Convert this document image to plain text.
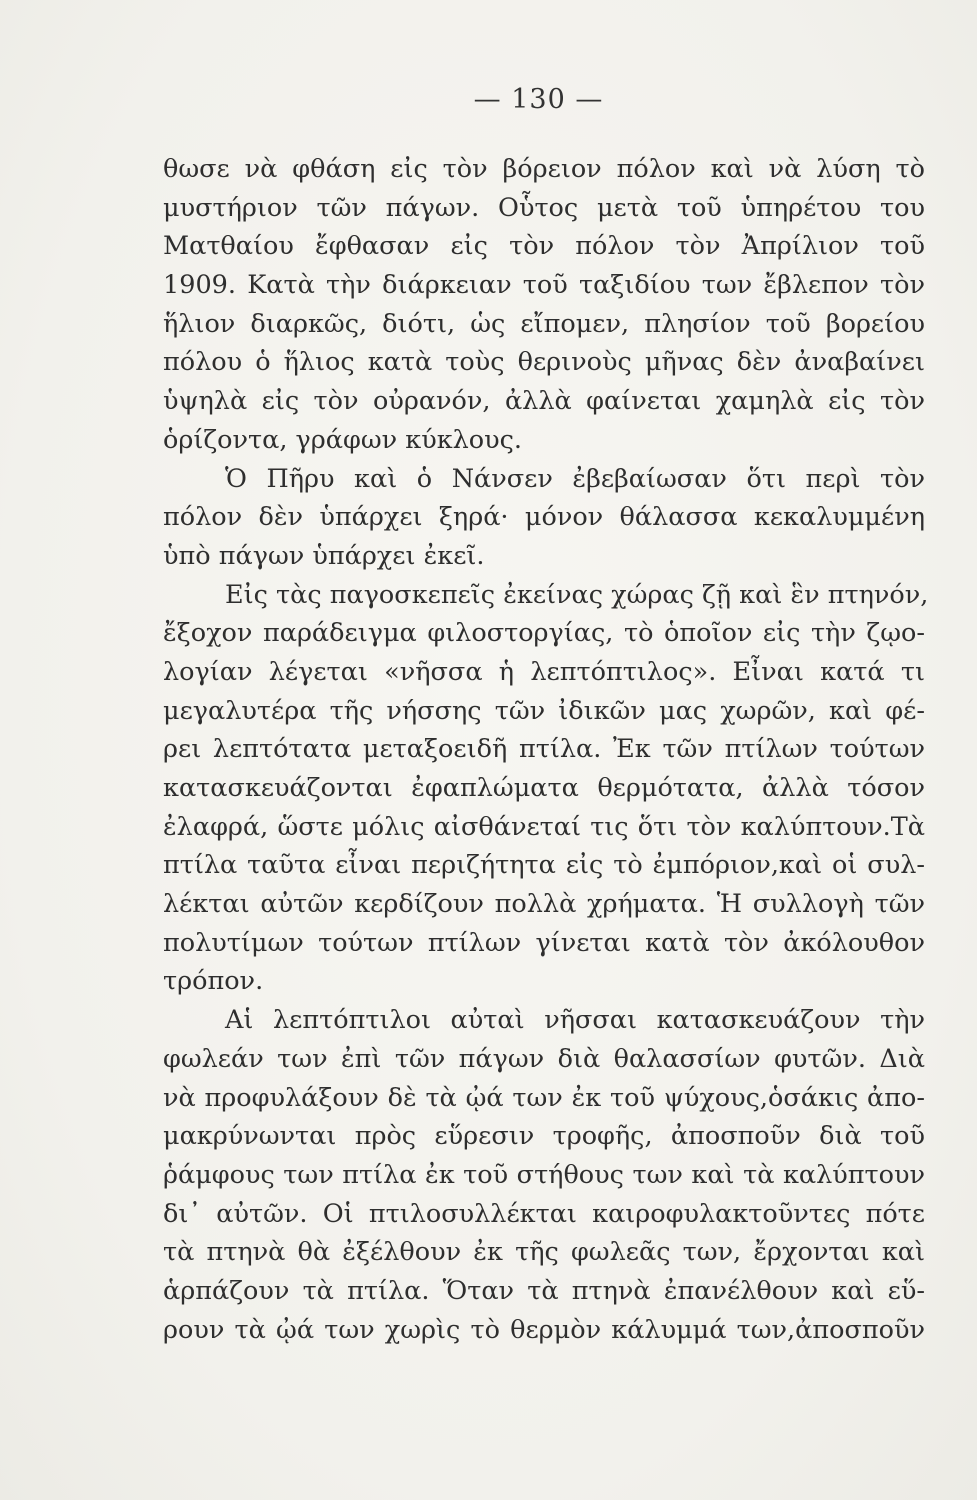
— 130 —
θωσε νὰ φθάση εἰς τὸν βόρειον πόλον καὶ νὰ λύση τὸ
μυστήριον τῶν πάγων. Οὗτος μετὰ τοῦ ὑπηρέτου του
Ματθαίου ἔφθασαν εἰς τὸν πόλον τὸν Ἀπρίλιον τοῦ
1909. Κατὰ τὴν διάρκειαν τοῦ ταξιδίου των ἔβλεπον τὸν
ἥλιον διαρκῶς, διότι, ὡς εἴπομεν, πλησίον τοῦ βορείου
πόλου ὁ ἥλιος κατὰ τοὺς θερινοὺς μῆνας δὲν ἀναβαίνει
ὑψηλὰ εἰς τὸν οὐρανόν, ἀλλὰ φαίνεται χαμηλὰ εἰς τὸν
ὁρίζοντα, γράφων κύκλους.
Ὁ Πῆρυ καὶ ὁ Νάνσεν ἐβεβαίωσαν ὅτι περὶ τὸν
πόλον δὲν ὑπάρχει ξηρά· μόνον θάλασσα κεκαλυμμένη
ὑπὸ πάγων ὑπάρχει ἐκεῖ.
Εἰς τὰς παγοσκεπεῖς ἐκείνας χώρας ζῇ καὶ ἓν πτηνόν,
ἔξοχον παράδειγμα φιλοστοργίας, τὸ ὁποῖον εἰς τὴν ζῳο-
λογίαν λέγεται «νῆσσα ἡ λεπτόπτιλος». Εἶναι κατά τι
μεγαλυτέρα τῆς νήσσης τῶν ἰδικῶν μας χωρῶν, καὶ φέ-
ρει λεπτότατα μεταξοειδῆ πτίλα. Ἐκ τῶν πτίλων τούτων
κατασκευάζονται ἐφαπλώματα θερμότατα, ἀλλὰ τόσον
ἐλαφρά, ὥστε μόλις αἰσθάνεταί τις ὅτι τὸν καλύπτουν.Τὰ
πτίλα ταῦτα εἶναι περιζήτητα εἰς τὸ ἐμπόριον,καὶ οἱ συλ-
λέκται αὐτῶν κερδίζουν πολλὰ χρήματα. Ἡ συλλογὴ τῶν
πολυτίμων τούτων πτίλων γίνεται κατὰ τὸν ἀκόλουθον
τρόπον.
Αἱ λεπτόπτιλοι αὐταὶ νῆσσαι κατασκευάζουν τὴν
φωλεάν των ἐπὶ τῶν πάγων διὰ θαλασσίων φυτῶν. Διὰ
νὰ προφυλάξουν δὲ τὰ ᾠά των ἐκ τοῦ ψύχους,ὁσάκις ἀπο-
μακρύνωνται πρὸς εὕρεσιν τροφῆς, ἀποσποῦν διὰ τοῦ
ῥάμφους των πτίλα ἐκ τοῦ στήθους των καὶ τὰ καλύπτουν
δι᾿ αὐτῶν. Οἱ πτιλοσυλλέκται καιροφυλακτοῦντες πότε
τὰ πτηνὰ θὰ ἐξέλθουν ἐκ τῆς φωλεᾶς των, ἔρχονται καὶ
ἁρπάζουν τὰ πτίλα. Ὅταν τὰ πτηνὰ ἐπανέλθουν καὶ εὕ-
ρουν τὰ ᾠά των χωρὶς τὸ θερμὸν κάλυμμά των,ἀποσποῦν
